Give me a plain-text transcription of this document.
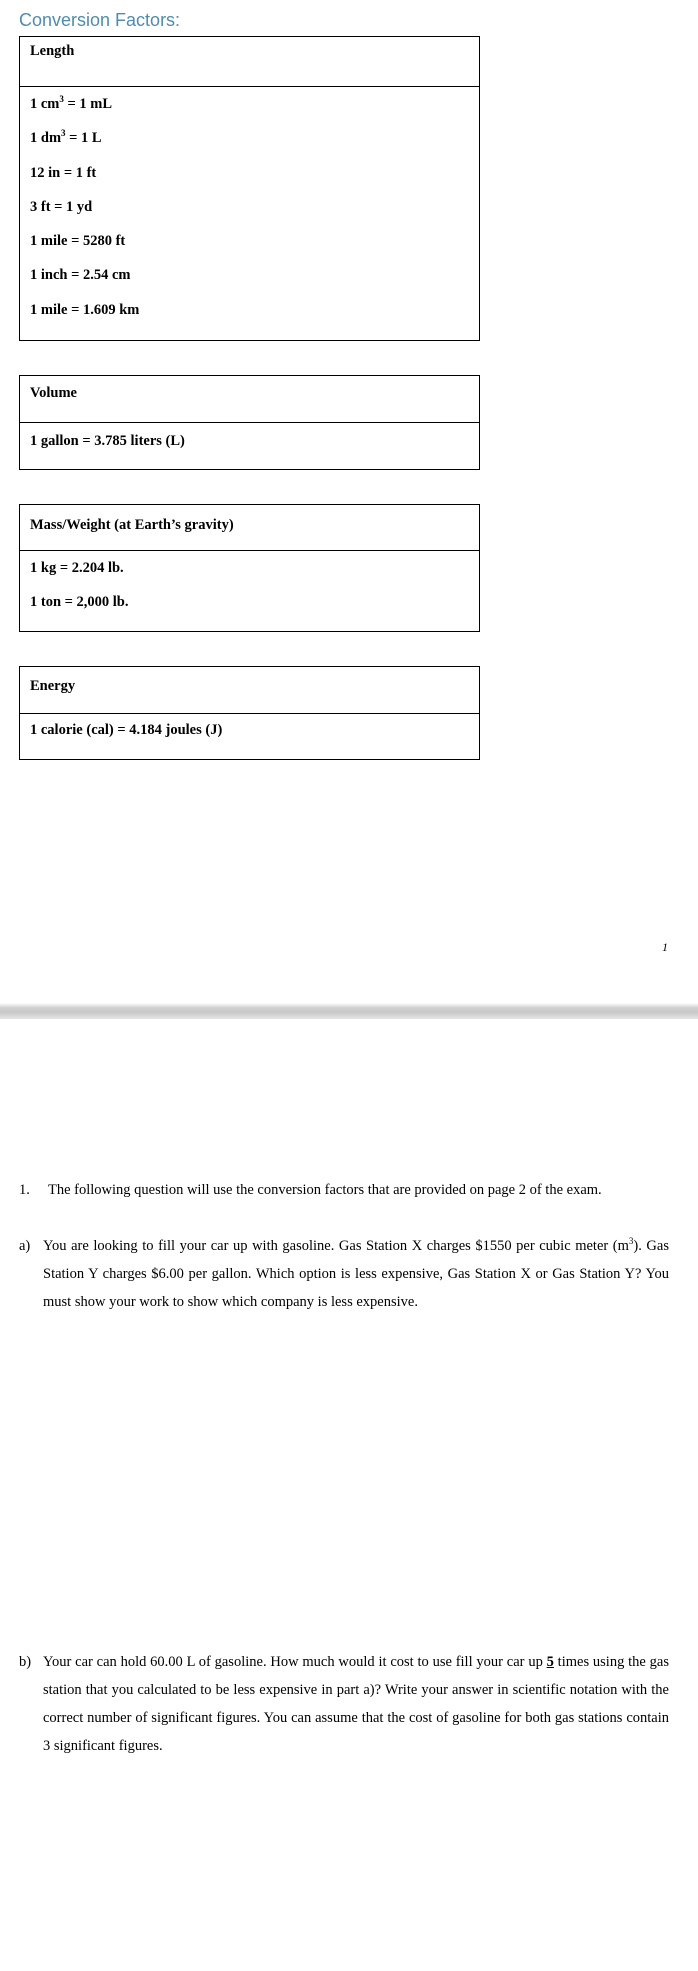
Conversion Factors:
Length
1 $cm^3 = 1$ mL
1 $dm^3 = 1$ L
12 in = 1 ft
3 ft = 1 yd
1 mile = 5280 ft
1 inch = 2.54 cm
1 mile = 1.609 km
Volume
1 gallon = 3.785 liters (L)
Mass/Weight (at Earth’s gravity)
1 kg = 2.204 lb.
1 ton = 2,000 lb.
Energy
1 calorie (cal) = 4.184 joules (J)
1
1. The following question will use the conversion factors that are provided on page 2 of the exam.
a) You are looking to fill your car up with gasoline. Gas Station X charges $1550 per cubic meter $(m^3)$. Gas Station Y charges $6.00 per gallon. Which option is less expensive, Gas Station X or Gas Station Y? You must show your work to show which company is less expensive.
b) Your car can hold 60.00 L of gasoline. How much would it cost to use fill your car up 5 times using the gas station that you calculated to be less expensive in part a)? Write your answer in scientific notation with the correct number of significant figures. You can assume that the cost of gasoline for both gas stations contain 3 significant figures.
